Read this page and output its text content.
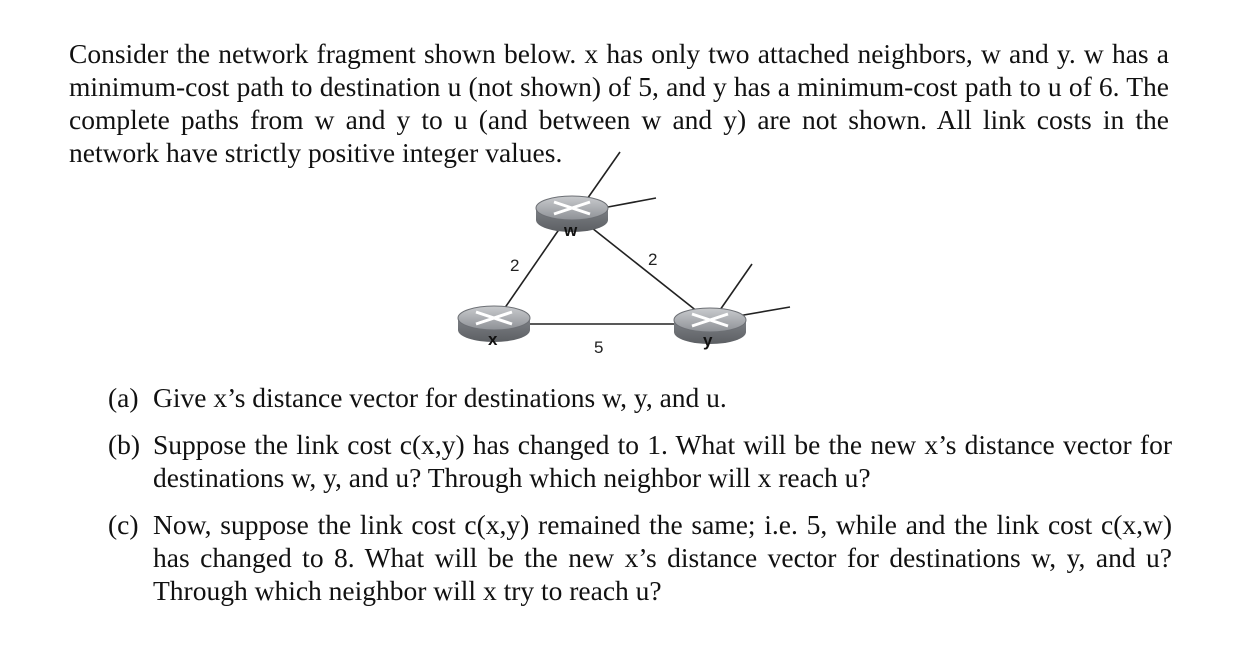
Consider the network fragment shown below. x has only two attached neighbors, w and y. w has a minimum-cost path to destination u (not shown) of 5, and y has a minimum-cost path to u of 6. The complete paths from w and y to u (and between w and y) are not shown. All link costs in the network have strictly positive integer values.

w
x	y
2	2
5
(a) Give x’s distance vector for destinations w, y, and u.
(b) Suppose the link cost c(x,y) has changed to 1. What will be the new x’s distance vector for destinations w, y, and u? Through which neighbor will x reach u?
(c) Now, suppose the link cost c(x,y) remained the same; i.e. 5, while and the link cost c(x,w) has changed to 8. What will be the new x’s distance vector for destinations w, y, and u? Through which neighbor will x try to reach u?
